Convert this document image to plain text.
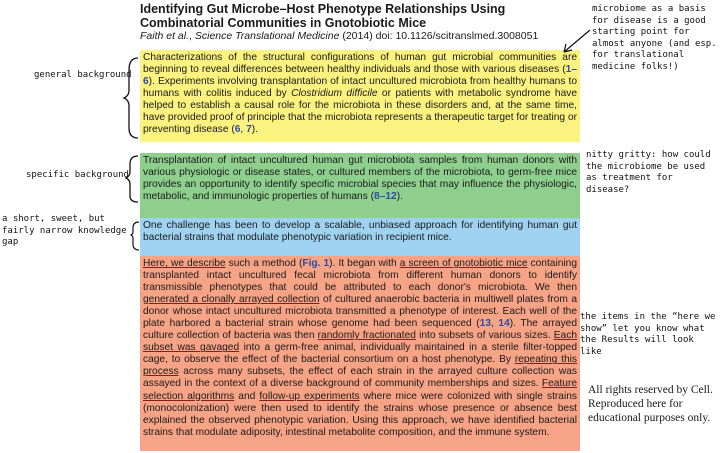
Identifying Gut Microbe–Host Phenotype Relationships Using Combinatorial Communities in Gnotobiotic Mice
Faith et al., Science Translational Medicine (2014) doi: 10.1126/scitranslmed.3008051
Characterizations of the structural configurations of human gut microbial communities are beginning to reveal differences between healthy individuals and those with various diseases (1–6). Experiments involving transplantation of intact uncultured microbiota from healthy humans to humans with colitis induced by Clostridium difficile or patients with metabolic syndrome have helped to establish a causal role for the microbiota in these disorders and, at the same time, have provided proof of principle that the microbiota represents a therapeutic target for treating or preventing disease (6, 7).
Transplantation of intact uncultured human gut microbiota samples from human donors with various physiologic or disease states, or cultured members of the microbiota, to germ-free mice provides an opportunity to identify specific microbial species that may influence the physiologic, metabolic, and immunologic properties of humans (8–12).
One challenge has been to develop a scalable, unbiased approach for identifying human gut bacterial strains that modulate phenotypic variation in recipient mice.
Here, we describe such a method (Fig. 1). It began with a screen of gnotobiotic mice containing transplanted intact uncultured fecal microbiota from different human donors to identify transmissible phenotypes that could be attributed to each donor's microbiota. We then generated a clonally arrayed collection of cultured anaerobic bacteria in multiwell plates from a donor whose intact uncultured microbiota transmitted a phenotype of interest. Each well of the plate harbored a bacterial strain whose genome had been sequenced (13, 14). The arrayed culture collection of bacteria was then randomly fractionated into subsets of various sizes. Each subset was gavaged into a germ-free animal, individually maintained in a sterile filter-topped cage, to observe the effect of the bacterial consortium on a host phenotype. By repeating this process across many subsets, the effect of each strain in the arrayed culture collection was assayed in the context of a diverse background of community memberships and sizes. Feature selection algorithms and follow-up experiments where mice were colonized with single strains (monocolonization) were then used to identify the strains whose presence or absence best explained the observed phenotypic variation. Using this approach, we have identified bacterial strains that modulate adiposity, intestinal metabolite composition, and the immune system.
general background
specific background
a short, sweet, but fairly narrow knowledge gap
microbiome as a basis for disease is a good starting point for almost anyone (and esp. for translational medicine folks!)
nitty gritty: how could the microbiome be used as treatment for disease?
the items in the “here we show” let you know what the Results will look like
All rights reserved by Cell. Reproduced here for educational purposes only.
